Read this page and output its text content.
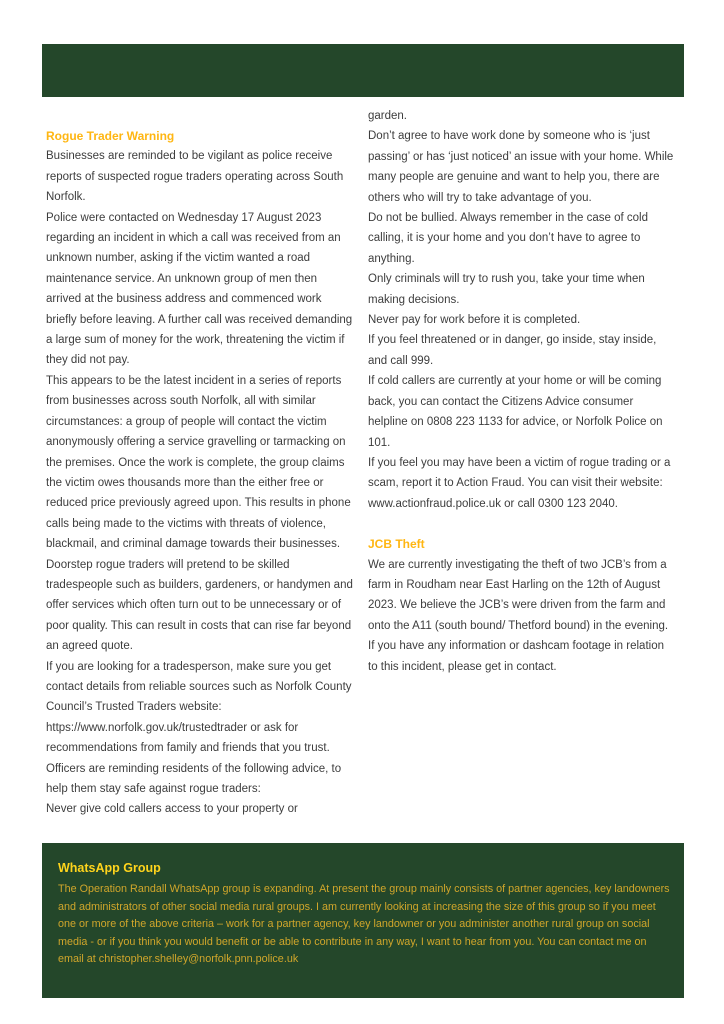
Rogue Trader Warning

Businesses are reminded to be vigilant as police receive reports of suspected rogue traders operating across South Norfolk.

Police were contacted on Wednesday 17 August 2023 regarding an incident in which a call was received from an unknown number, asking if the victim wanted a road maintenance service. An unknown group of men then arrived at the business address and commenced work briefly before leaving. A further call was received demanding a large sum of money for the work, threatening the victim if they did not pay.

This appears to be the latest incident in a series of reports from businesses across south Norfolk, all with similar circumstances: a group of people will contact the victim anonymously offering a service gravelling or tarmacking on the premises. Once the work is complete, the group claims the victim owes thousands more than the either free or reduced price previously agreed upon. This results in phone calls being made to the victims with threats of violence, blackmail, and criminal damage towards their businesses.

Doorstep rogue traders will pretend to be skilled tradespeople such as builders, gardeners, or handymen and offer services which often turn out to be unnecessary or of poor quality. This can result in costs that can rise far beyond an agreed quote.

If you are looking for a tradesperson, make sure you get contact details from reliable sources such as Norfolk County Council’s Trusted Traders website: https://www.norfolk.gov.uk/trustedtrader or ask for recommendations from family and friends that you trust.

Officers are reminding residents of the following advice, to help them stay safe against rogue traders:

Never give cold callers access to your property or

garden.

Don’t agree to have work done by someone who is ‘just passing’ or has ‘just noticed’ an issue with your home. While many people are genuine and want to help you, there are others who will try to take advantage of you.

Do not be bullied. Always remember in the case of cold calling, it is your home and you don’t have to agree to anything.

Only criminals will try to rush you, take your time when making decisions.

Never pay for work before it is completed.

If you feel threatened or in danger, go inside, stay inside, and call 999.

If cold callers are currently at your home or will be coming back, you can contact the Citizens Advice consumer helpline on 0808 223 1133 for advice, or Norfolk Police on 101.

If you feel you may have been a victim of rogue trading or a scam, report it to Action Fraud. You can visit their website: www.actionfraud.police.uk or call 0300 123 2040.

JCB Theft

We are currently investigating the theft of two JCB’s from a farm in Roudham near East Harling on the 12th of August 2023. We believe the JCB’s were driven from the farm and onto the A11 (south bound/ Thetford bound) in the evening. If you have any information or dashcam footage in relation to this incident, please get in contact.

WhatsApp Group

The Operation Randall WhatsApp group is expanding. At present the group mainly consists of partner agencies, key landowners and administrators of other social media rural groups. I am currently looking at increasing the size of this group so if you meet one or more of the above criteria – work for a partner agency, key landowner or you administer another rural group on social media - or if you think you would benefit or be able to contribute in any way, I want to hear from you. You can contact me on email at christopher.shelley@norfolk.pnn.police.uk
